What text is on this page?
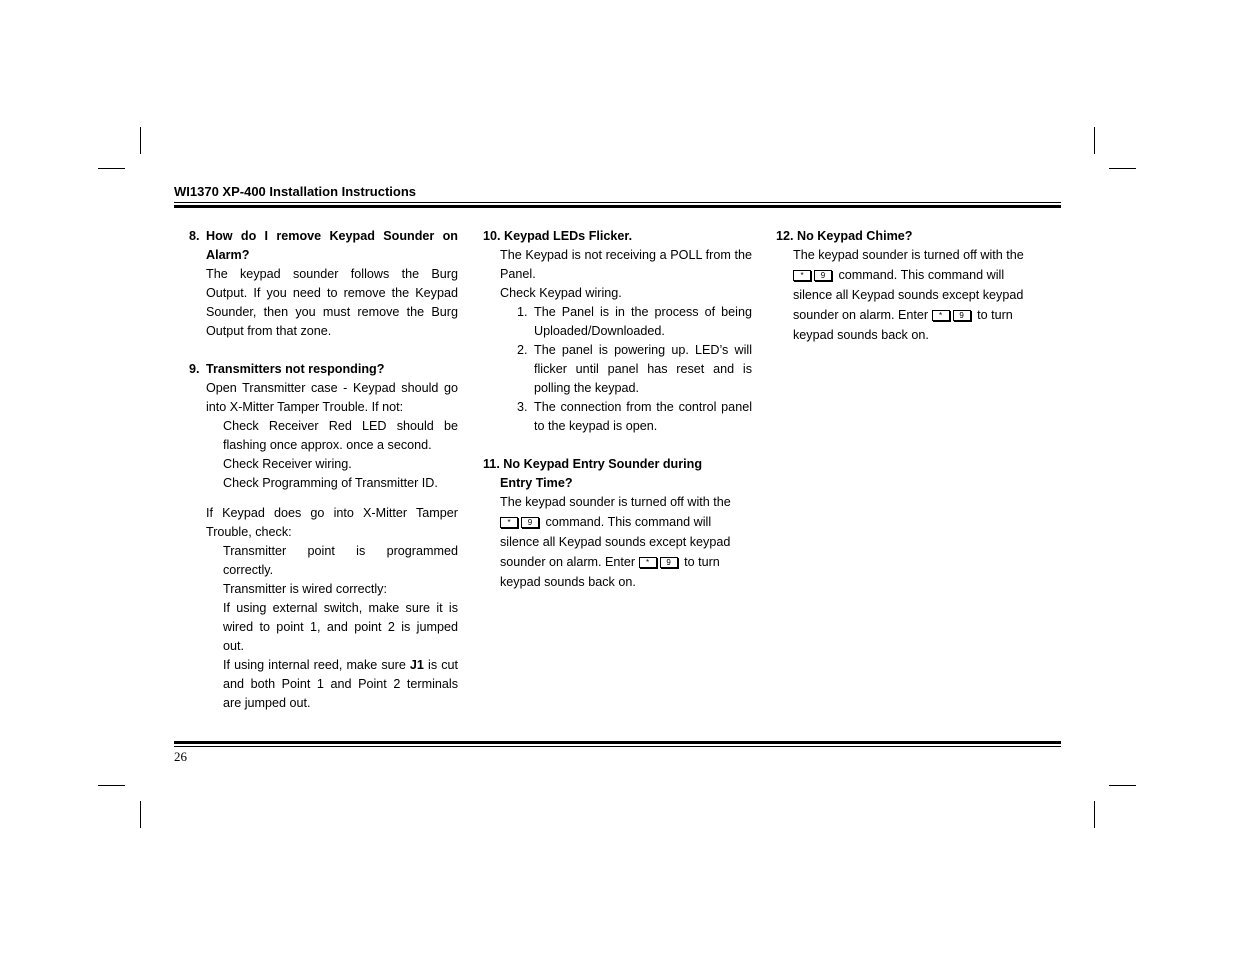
WI1370 XP-400 Installation Instructions
8. How do I remove Keypad Sounder on Alarm?

The keypad sounder follows the Burg Output. If you need to remove the Keypad Sounder, then you must remove the Burg Output from that zone.

9. Transmitters not responding?

Open Transmitter case - Keypad should go into X-Mitter Tamper Trouble. If not:

Check Receiver Red LED should be flashing once approx. once a second.

Check Receiver wiring.

Check Programming of Transmitter ID.

If Keypad does go into X-Mitter Tamper Trouble, check:

Transmitter point is programmed correctly.

Transmitter is wired correctly:

If using external switch, make sure it is wired to point 1, and point 2 is jumped out.

If using internal reed, make sure J1 is cut and both Point 1 and Point 2 terminals are jumped out.

10. Keypad LEDs Flicker.

The Keypad is not receiving a POLL from the Panel.

Check Keypad wiring.

1. The Panel is in the process of being Uploaded/Downloaded.
2. The panel is powering up. LED’s will flicker until panel has reset and is polling the keypad.
3. The connection from the control panel to the keypad is open.

11. No Keypad Entry Sounder during

Entry Time?

The keypad sounder is turned off with the

* 9 command. This command will

silence all Keypad sounds except keypad

sounder on alarm. Enter * 9 to turn

keypad sounds back on.

12. No Keypad Chime?

The keypad sounder is turned off with the

* 9 command. This command will

silence all Keypad sounds except keypad

sounder on alarm. Enter * 9 to turn

keypad sounds back on.

26
